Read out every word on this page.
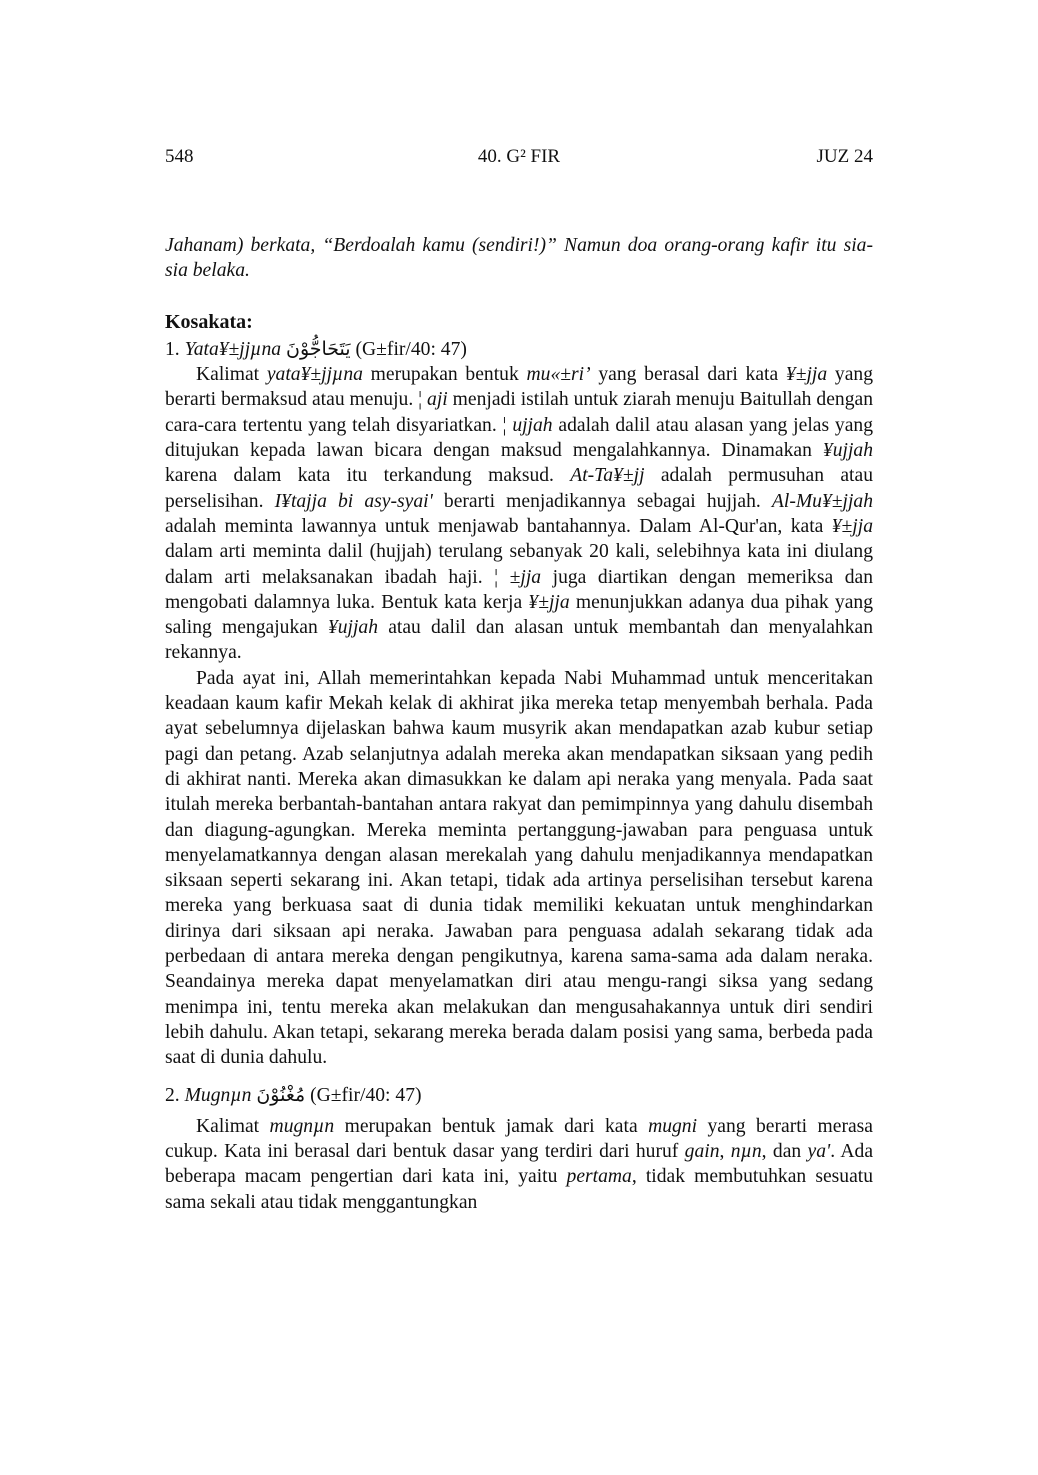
548	40. G² FIR	JUZ 24

Jahanam) berkata, “Berdoalah kamu (sendiri!)” Namun doa orang-orang kafir itu sia-sia belaka.

Kosakata:

1. Yata¥±jjµna يَتَحَاجُّوْنَ (G±fir/40: 47)

Kalimat yata¥±jjµna merupakan bentuk mu«±ri’ yang berasal dari kata ¥±jja yang berarti bermaksud atau menuju. ¦ aji menjadi istilah untuk ziarah menuju Baitullah dengan cara-cara tertentu yang telah disyariatkan. ¦ ujjah adalah dalil atau alasan yang jelas yang ditujukan kepada lawan bicara dengan maksud mengalahkannya. Dinamakan ¥ujjah karena dalam kata itu terkandung maksud. At-Ta¥±jj adalah permusuhan atau perselisihan. I¥tajja bi asy-syai' berarti menjadikannya sebagai hujjah. Al-Mu¥±jjah adalah meminta lawannya untuk menjawab bantahannya. Dalam Al-Qur'an, kata ¥±jja dalam arti meminta dalil (hujjah) terulang sebanyak 20 kali, selebihnya kata ini diulang dalam arti melaksanakan ibadah haji. ¦ ±jja juga diartikan dengan memeriksa dan mengobati dalamnya luka. Bentuk kata kerja ¥±jja menunjukkan adanya dua pihak yang saling mengajukan ¥ujjah atau dalil dan alasan untuk membantah dan menyalahkan rekannya.

Pada ayat ini, Allah memerintahkan kepada Nabi Muhammad untuk menceritakan keadaan kaum kafir Mekah kelak di akhirat jika mereka tetap menyembah berhala. Pada ayat sebelumnya dijelaskan bahwa kaum musyrik akan mendapatkan azab kubur setiap pagi dan petang. Azab selanjutnya adalah mereka akan mendapatkan siksaan yang pedih di akhirat nanti. Mereka akan dimasukkan ke dalam api neraka yang menyala. Pada saat itulah mereka berbantah-bantahan antara rakyat dan pemimpinnya yang dahulu disembah dan diagung-agungkan. Mereka meminta pertanggung-jawaban para penguasa untuk menyelamatkannya dengan alasan merekalah yang dahulu menjadikannya mendapatkan siksaan seperti sekarang ini. Akan tetapi, tidak ada artinya perselisihan tersebut karena mereka yang berkuasa saat di dunia tidak memiliki kekuatan untuk menghindarkan dirinya dari siksaan api neraka. Jawaban para penguasa adalah sekarang tidak ada perbedaan di antara mereka dengan pengikutnya, karena sama-sama ada dalam neraka. Seandainya mereka dapat menyelamatkan diri atau mengu-rangi siksa yang sedang menimpa ini, tentu mereka akan melakukan dan mengusahakannya untuk diri sendiri lebih dahulu. Akan tetapi, sekarang mereka berada dalam posisi yang sama, berbeda pada saat di dunia dahulu.

2. Mugnµn مُغْنُوْنَ (G±fir/40: 47)

Kalimat mugnµn merupakan bentuk jamak dari kata mugni yang berarti merasa cukup. Kata ini berasal dari bentuk dasar yang terdiri dari huruf gain, nµn, dan ya'. Ada beberapa macam pengertian dari kata ini, yaitu pertama, tidak membutuhkan sesuatu sama sekali atau tidak menggantungkan
